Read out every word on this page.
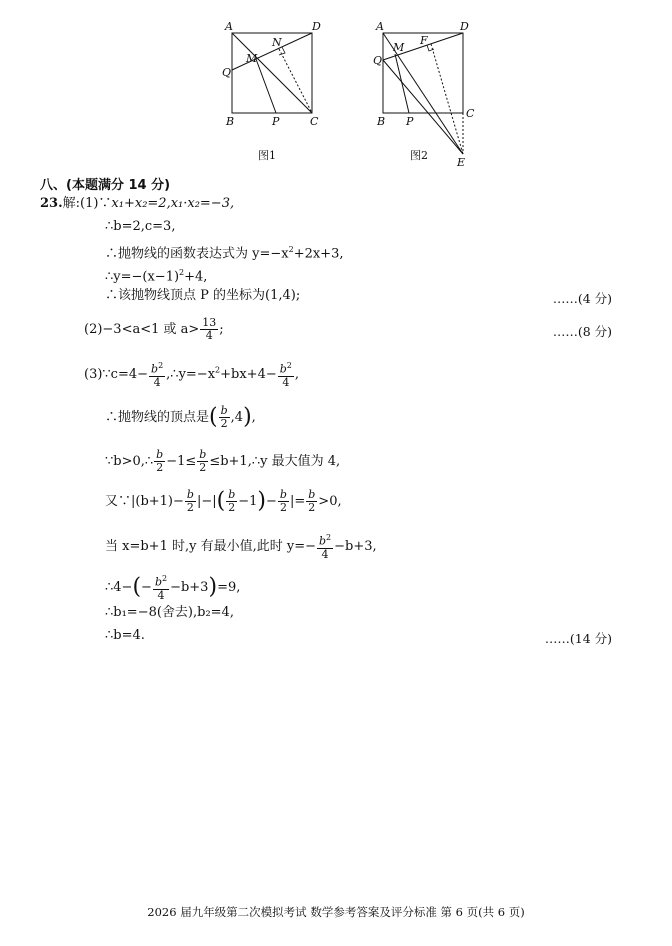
A	D
N
M
Q
B	P	C
图1
A	D
F
M
Q
B P
C
E
图2
八、(本题满分 14 分)
23.解:(1)∵x₁+x₂=2,x₁·x₂=−3,
∴b=2,c=3,
∴抛物线的函数表达式为 $y=-x^2+2x+3$,
$\therefore y=-(x-1)^2+4$,
∴该抛物线顶点 P 的坐标为(1,4);	……(4 分)
(2)−3<a<1 或 $a> \frac{13}{4}$ ;	……(8 分)
(3)∵c=4− $\frac{b^2}{4}$ $,\therefore y=-x^2+bx+4- \frac{b^2}{4}$ ,
∴抛物线的顶点是( $\frac{b}{2} ,4$),
∵b>0,∴ $\frac{b}{2} -1\le \frac{b}{2}$ ≤b+1,∴y 最大值为 4,
又∵|(b+1)− $\frac{b}{2}$ |−|( $\frac{b}{2} -1)- \frac{b}{2}$ |= $\frac{b}{2} >0$,
当 x=b+1 时,y 有最小值,此时 $y=- \frac{b^2}{4} -b+3$,
∴4−(− $\frac{b^2}{4} -b+3)=9$,
∴b₁=−8(舍去),b₂=4,
∴b=4.	……(14 分)
2026 届九年级第二次模拟考试 数学参考答案及评分标准 第 6 页(共 6 页)
